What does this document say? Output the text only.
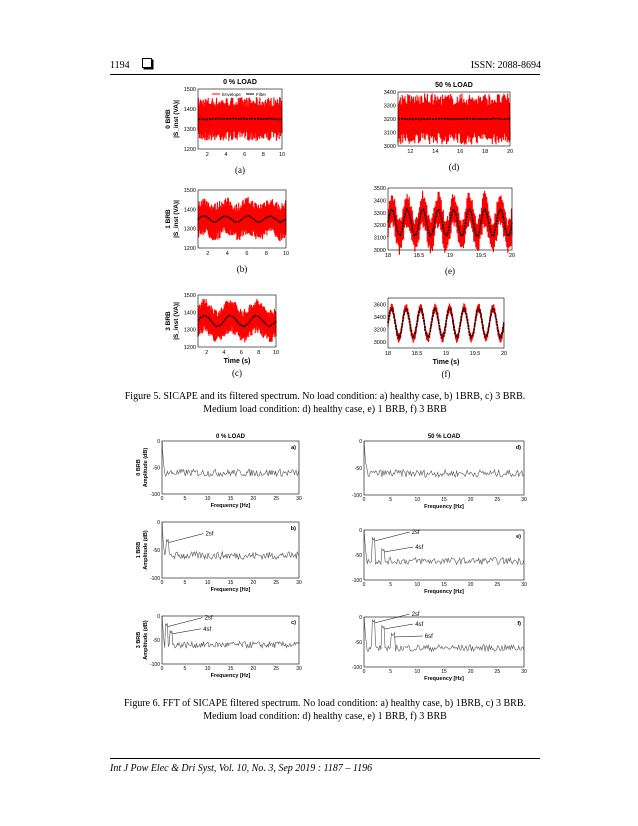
1194	ISSN: 2088-8694
2	4	6	8	10
1200
1300
1400
1500
0 % LOAD
0 BRB |S_inst (VA)|
Envelope	Filter
(a)
2	4	6	8	10
1200
1300
1400
1500
1 BRB |S_inst (VA)|
(b)
2	4	6	8 10
1200
1300
1400
1500
Time (s)
3 BRB |S_inst (VA)|
(c)
12	14	16	18	20
3000
3100
3200
3300
3400
50 % LOAD
(d)
18	18.5	19	19.5	20
3000
3100
3200
3300
3400
3500
(e)
18	18.5	19	19.5	20
3000
3200
3400
3600
Time (s)
(f)
Figure 5. SICAPE and its filtered spectrum. No load condition: a) healthy case, b) 1BRB, c) 3 BRB.
Medium load condition: d) healthy case, e) 1 BRB, f) 3 BRB
0	5	10	15	20	25	30
0
-50
-100
Frequency [Hz]
a)
0 % LOAD
0 BRB Amplitude (dB)
0	5	10	15	20	25	30
0
-50
-100
Frequency [Hz]
b)
1 BRB Amplitude (dB)	2sf
0	5	10	15	20	25	30
0
-50
-100
Frequency [Hz]
c)
3 BRB Amplitude (dB)
2sf
4sf
0	5	10	15	20	25	30
0
-50
-100
Frequency [Hz]
d)
50 % LOAD
0	5	10	15	20	25	30
0
-50
-100
Frequency [Hz]
e)
2sf
4sf
0	5	10	15	20	25	30
0
-50
-100
Frequency [Hz]
f)
2sf
4sf
6sf
Figure 6. FFT of SICAPE filtered spectrum. No load condition: a) healthy case, b) 1BRB, c) 3 BRB.
Medium load condition: d) healthy case, e) 1 BRB, f) 3 BRB
Int J Pow Elec & Dri Syst, Vol. 10, No. 3, Sep 2019 : 1187 – 1196
